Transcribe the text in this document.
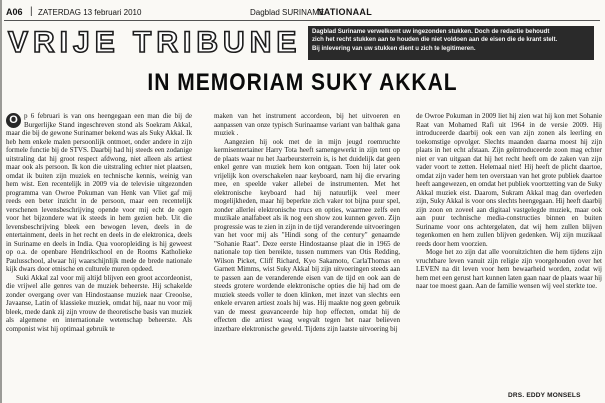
A06 | ZATERDAG 13 februari 2010	Dagblad SURINAME
NATIONAAL
VRIJE TRIBUNE	Dagblad Suriname verwelkomt uw ingezonden stukken. Doch de redactie behoudt
zich het recht stukken aan te houden die niet voldoen aan de eisen die de krant stelt.
Bij inlevering van uw stukken dient u zich te legitimeren.
IN MEMORIAM SUKY AKKAL

O p 6 februari is van ons heengegaan een man die bij de Burgerlijke Stand ingeschreven stond als Soekram Akkal, maar die bij de gewone Surinamer bekend was als Suky Akkal. Ik heb hem enkele malen persoonlijk ontmoet, onder andere in zijn formele functie bij de STVS. Daarbij had hij steeds een zodanige uitstraling dat hij groot respect afdwong, niet alleen als artiest maar ook als persoon. Ik kon die uitstraling echter niet plaatsen, omdat ik buiten zijn muziek en technische kennis, weinig van hem wist. Een recentelijk in 2009 via de televisie uitgezonden programma van Owroe Pokuman van Henk van Vliet gaf mij reeds een beter inzicht in de persoon, maar een recentelijk verschenen levensbeschrijving opende voor mij echt de ogen voor het bijzondere wat ik steeds in hem gezien heb. Uit die levensbeschrijving bleek een bewogen leven, deels in de entertainment, deels in het recht en deels in de elektronica, deels in Suriname en deels in India. Qua vooropleiding is hij geweest op o.a. de openbare Hendrikschool en de Rooms Katholieke Paulusschool, alwaar hij waarschijnlijk mede de brede nationale kijk dwars door etnische en culturele muren opdeed.

Suki Akkal zal voor mij altijd blijven een groot accordeonist, die vrijwel alle genres van de muziek beheerste. Hij schakelde zonder overgang over van Hindostaanse muziek naar Creoolse, Javaanse, Latin of klassieke muziek, omdat hij, naar nu voor mij bleek, mede dank zij zijn vrouw de theoretische basis van muziek als algemene en internationale wetenschap beheerste. Als componist wist hij optimaal gebruik te

maken van het instrument accordeon, bij het uitvoeren en aanpassen van onze typisch Surinaamse variant van balthak gana muziek .

Aangezien hij ook met de in mijn jeugd roemruchte kermisentertainer Harry Tota heeft samengewerkt in zijn tent op de plaats waar nu het Jaarbeursterrein is, is het duidelijk dat geen enkel genre van muziek hem kon ontgaan. Toen hij later ook vrijelijk kon overschakelen naar keyboard, nam hij die ervaring mee, en speelde vaker allebei de instrumenten. Met het elektronische keyboard had hij natuurlijk veel meer mogelijkheden, maar hij beperkte zich vaker tot bijna puur spel, zonder allerlei elektronische trucs en opties, waarmee zelfs een muzikale analfabeet als ik nog een show zou kunnen geven. Zijn progressie was te zien in zijn in de tijd veranderende uitvoeringen van het voor mij als "Hindi song of the century" genaamde "Sohanie Raat". Deze eerste Hindostaanse plaat die in 1965 de nationale top tien bereikte, tussen nummers van Otis Redding, Wilson Picket, Cliff Richard, Kyo Sakamoto, CarlaThomas en Garnett Mimms, wist Suky Akkal bij zijn uitvoeringen steeds aan te passen aan de veranderende eisen van de tijd en ook aan de steeds grotere wordende elektronische opties die hij had om de muziek steeds voller te doen klinken, met inzet van slechts een enkele ervaren artiest zoals hij was. Hij maakte nog geen gebruik van de meest geavanceerde hip hop effecten, omdat hij de effecten die artiest waag wegvalt tegen het naar believen inzetbare elektronische geweld. Tijdens zijn laatste uitvoering bij

de Owroe Pokuman in 2009 liet hij zien wat hij kon met Sohanie Raat van Mohamed Rafi uit 1964 in de versie 2009. Hij introduceerde daarbij ook een van zijn zonen als leerling en toekomstige opvolger. Slechts maanden daarna moest hij zijn plaats in het echt afstaan. Zijn geïntroduceerde zoon mag echter niet er van uitgaan dat hij het recht heeft om de zaken van zijn vader voort te zetten. Helemaal niet! Hij heeft de plicht daartoe, omdat zijn vader hem ten overstaan van het grote publiek daartoe heeft aangewezen, en omdat het publiek voortzetting van de Suky Akkal muziek eist. Daarom, Sukram Akkal mag dan overleden zijn, Suky Akkal is voor ons slechts heengegaan. Hij heeft daarbij zijn zoon en zoveel aan digitaal vastgelegde muziek, maar ook aan puur technische media-constructies binnen en buiten Suriname voor ons achtergelaten, dat wij hem zullen blijven tegenkomen en hem zullen blijven gedenken. Wij zijn muzikaal reeds door hem voorzien.

Moge het zo zijn dat alle vooruitzichten die hem tijdens zijn vruchtbare leven vanuit zijn religie zijn voorgehouden over het LEVEN na dit leven voor hem bewaarheid worden, zodat wij hem met een gerust hart kunnen laten gaan naar de plaats waar hij naar toe moest gaan. Aan de familie wensen wij veel sterkte toe.

DRS. EDDY MONSELS
